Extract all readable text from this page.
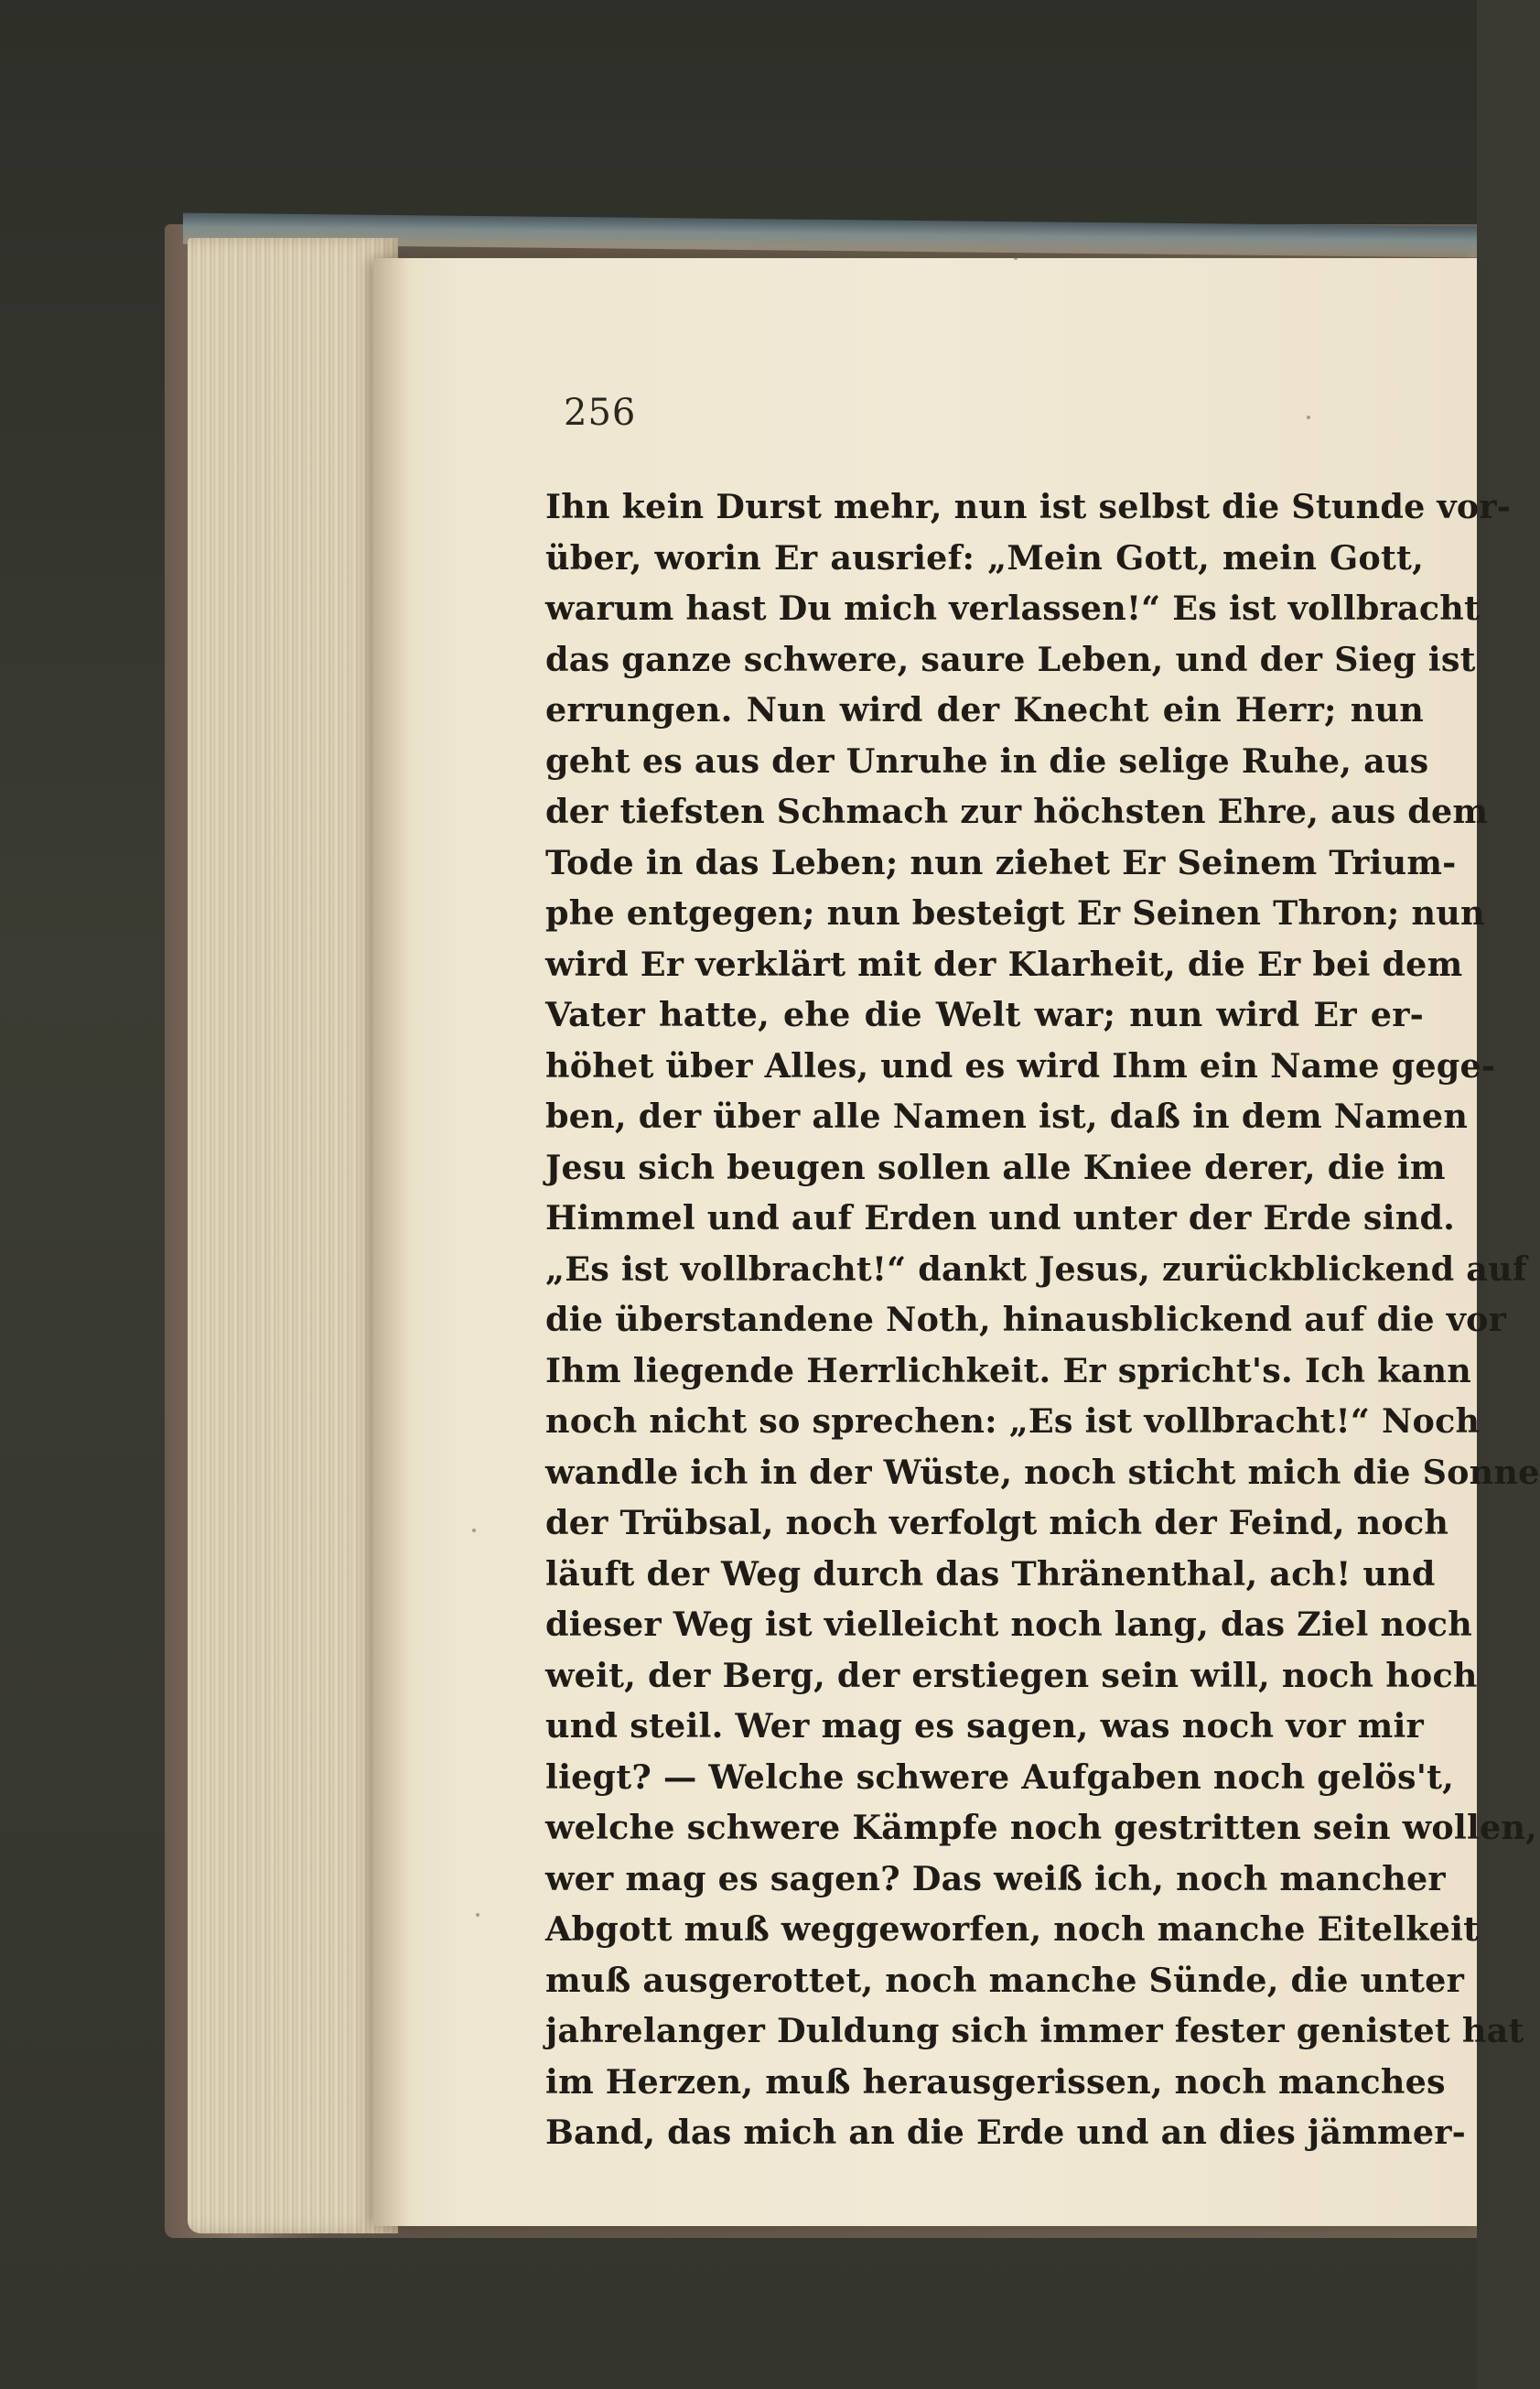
256
Ihn kein Durst mehr, nun ist selbst die Stunde vor-
über, worin Er ausrief: „Mein Gott, mein Gott,
warum hast Du mich verlassen!“ Es ist vollbracht
das ganze schwere, saure Leben, und der Sieg ist
errungen. Nun wird der Knecht ein Herr; nun
geht es aus der Unruhe in die selige Ruhe, aus
der tiefsten Schmach zur höchsten Ehre, aus dem
Tode in das Leben; nun ziehet Er Seinem Trium-
phe entgegen; nun besteigt Er Seinen Thron; nun
wird Er verklärt mit der Klarheit, die Er bei dem
Vater hatte, ehe die Welt war; nun wird Er er-
höhet über Alles, und es wird Ihm ein Name gege-
ben, der über alle Namen ist, daß in dem Namen
Jesu sich beugen sollen alle Kniee derer, die im
Himmel und auf Erden und unter der Erde sind.
„Es ist vollbracht!“ dankt Jesus, zurückblickend auf
die überstandene Noth, hinausblickend auf die vor
Ihm liegende Herrlichkeit. Er spricht's. Ich kann
noch nicht so sprechen: „Es ist vollbracht!“ Noch
wandle ich in der Wüste, noch sticht mich die Sonne
der Trübsal, noch verfolgt mich der Feind, noch
läuft der Weg durch das Thränenthal, ach! und
dieser Weg ist vielleicht noch lang, das Ziel noch
weit, der Berg, der erstiegen sein will, noch hoch
und steil. Wer mag es sagen, was noch vor mir
liegt? — Welche schwere Aufgaben noch gelös't,
welche schwere Kämpfe noch gestritten sein wollen,
wer mag es sagen? Das weiß ich, noch mancher
Abgott muß weggeworfen, noch manche Eitelkeit
muß ausgerottet, noch manche Sünde, die unter
jahrelanger Duldung sich immer fester genistet hat
im Herzen, muß herausgerissen, noch manches
Band, das mich an die Erde und an dies jämmer-
